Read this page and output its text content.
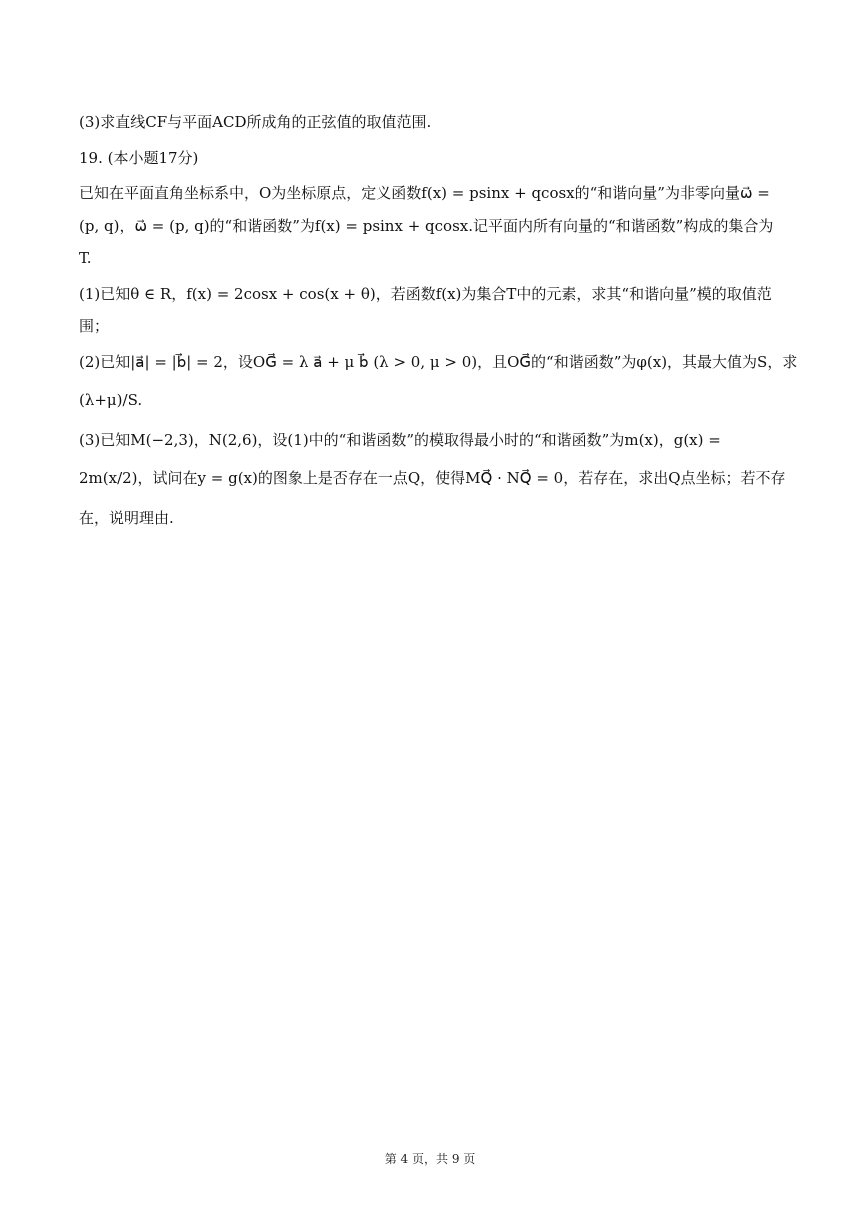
(3)求直线CF与平面ACD所成角的正弦值的取值范围.
19. (本小题17分)
已知在平面直角坐标系中，O为坐标原点，定义函数f(x) = psinx + qcosx的“和谐向量”为非零向量ω⃗ =
(p, q)，ω⃗ = (p, q)的“和谐函数”为f(x) = psinx + qcosx.记平面内所有向量的“和谐函数”构成的集合为
T.
(1)已知θ ∈ R，f(x) = 2cosx + cos(x + θ)，若函数f(x)为集合T中的元素，求其“和谐向量”模的取值范
围；
(2)已知|a⃗| = |b⃗| = 2，设OG⃗ = λ a⃗ + μ b⃗ (λ > 0, μ > 0)，且OG⃗的“和谐函数”为φ(x)，其最大值为S，求
(λ+μ)/S.
(3)已知M(−2,3)，N(2,6)，设(1)中的“和谐函数”的模取得最小时的“和谐函数”为m(x)，g(x) =
2m(x/2)，试问在y = g(x)的图象上是否存在一点Q，使得MQ⃗ · NQ⃗ = 0，若存在，求出Q点坐标；若不存
在，说明理由.
第 4 页，共 9 页
